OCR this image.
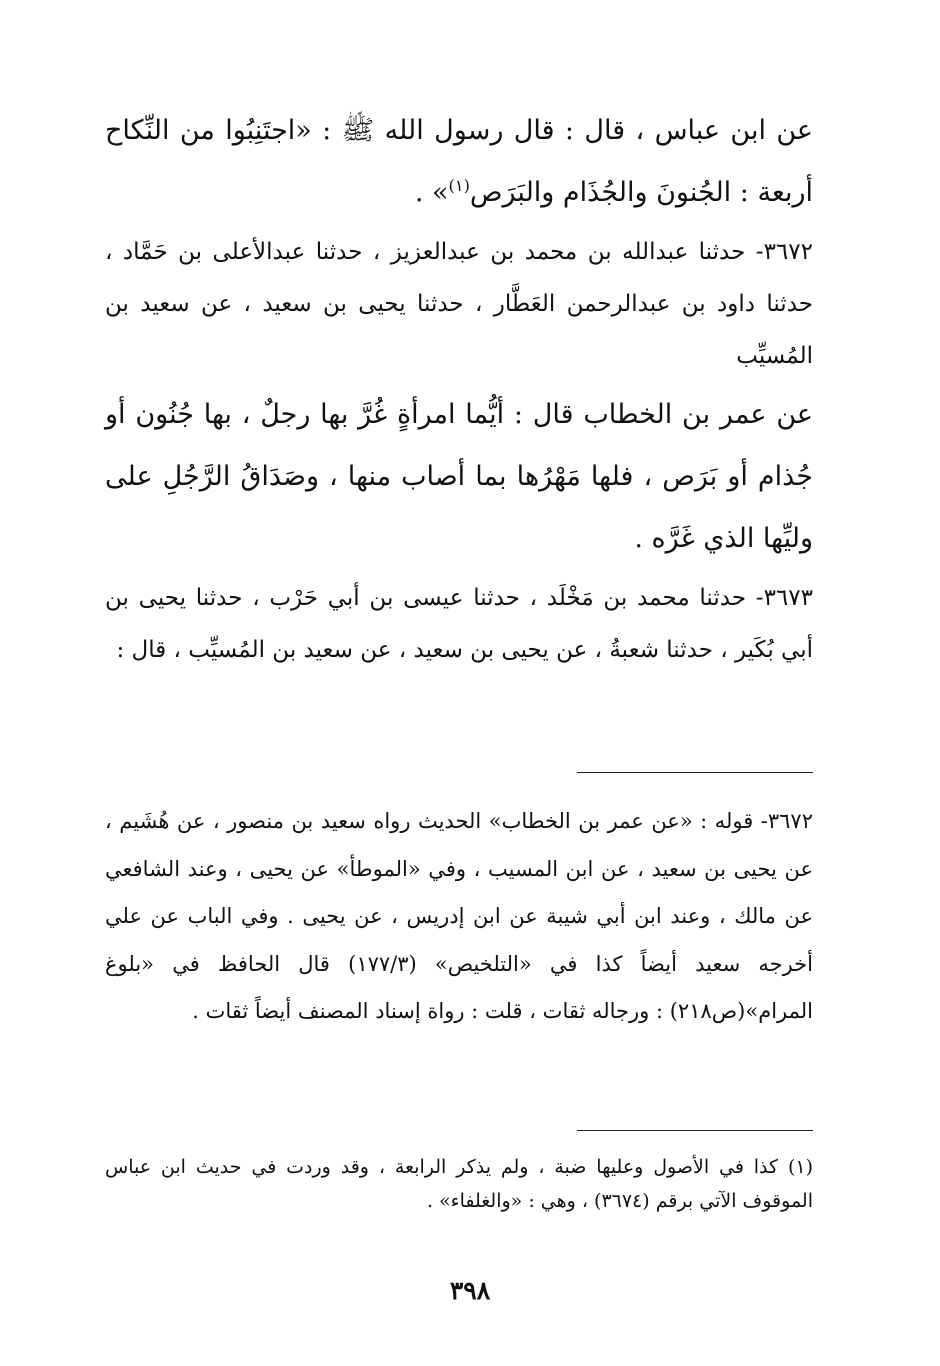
عن ابن عباس ، قال : قال رسول الله ﷺ : «اجتَنِبُوا من النِّكاح أربعة : الجُنونَ والجُذَام والبَرَص$^{(١)}$» .

٣٦٧٢- حدثنا عبدالله بن محمد بن عبدالعزيز ، حدثنا عبدالأعلى بن حَمَّاد ، حدثنا داود بن عبدالرحمن العَطَّار ، حدثنا يحيى بن سعيد ، عن سعيد بن المُسيِّب

عن عمر بن الخطاب قال : أيُّما امرأةٍ غُرَّ بها رجلٌ ، بها جُنُون أو جُذام أو بَرَص ، فلها مَهْرُها بما أصاب منها ، وصَدَاقُ الرَّجُلِ على وليِّها الذي غَرَّه .

٣٦٧٣- حدثنا محمد بن مَخْلَد ، حدثنا عيسى بن أبي حَرْب ، حدثنا يحيى بن أبي بُكَير ، حدثنا شعبةُ ، عن يحيى بن سعيد ، عن سعيد بن المُسيِّب ، قال :

٣٦٧٢- قوله : «عن عمر بن الخطاب» الحديث رواه سعيد بن منصور ، عن هُشَيم ، عن يحيى بن سعيد ، عن ابن المسيب ، وفي «الموطأ» عن يحيى ، وعند الشافعي عن مالك ، وعند ابن أبي شيبة عن ابن إدريس ، عن يحيى . وفي الباب عن علي أخرجه سعيد أيضاً كذا في «التلخيص» (١٧٧/٣) قال الحافظ في «بلوغ المرام»(ص٢١٨) : ورجاله ثقات ، قلت : رواة إسناد المصنف أيضاً ثقات .

(١) كذا في الأصول وعليها ضبة ، ولم يذكر الرابعة ، وقد وردت في حديث ابن عباس الموقوف الآتي برقم (٣٦٧٤) ، وهي : «والغلفاء» .

٣٩٨
